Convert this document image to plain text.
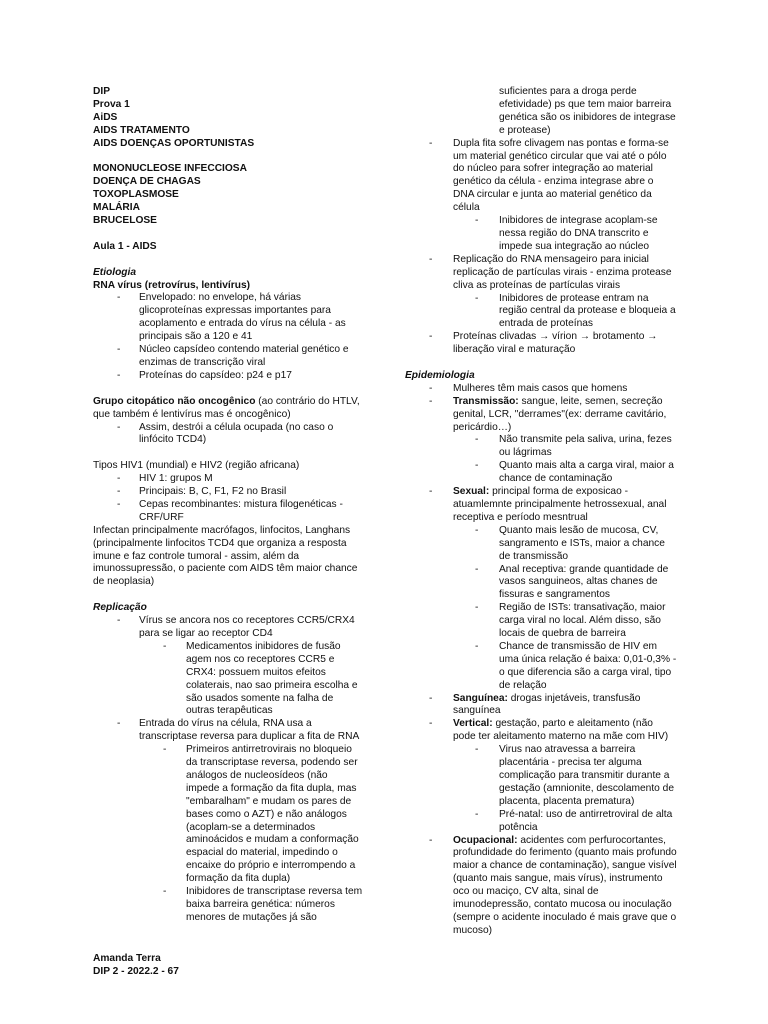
DIP
Prova 1
AiDS
AIDS TRATAMENTO
AIDS DOENÇAS OPORTUNISTAS
MONONUCLEOSE INFECCIOSA
DOENÇA DE CHAGAS
TOXOPLASMOSE
MALÁRIA
BRUCELOSE
Aula 1 - AIDS

Etiologia

RNA vírus (retrovírus, lentivírus)
- Envelopado: no envelope, há várias glicoproteínas expressas importantes para acoplamento e entrada do vírus na célula - as principais são a 120 e 41
- Núcleo capsídeo contendo material genético e enzimas de transcrição viral
- Proteínas do capsídeo: p24 e p17

Grupo citopático não oncogênico (ao contrário do HTLV, que também é lentivírus mas é oncogênico)

- Assim, destrói a célula ocupada (no caso o linfócito TCD4)

Tipos HIV1 (mundial) e HIV2 (região africana)

- HIV 1: grupos M
- Principais: B, C, F1, F2 no Brasil
- Cepas recombinantes: mistura filogenéticas - CRF/URF

Infectan principalmente macrófagos, linfocitos, Langhans (principalmente linfocitos TCD4 que organiza a resposta imune e faz controle tumoral - assim, além da imunossupressão, o paciente com AIDS têm maior chance de neoplasia)

Replicação

- Vírus se ancora nos co receptores CCR5/CRX4 para se ligar ao receptor CD4
- Medicamentos inibidores de fusão agem nos co receptores CCR5 e CRX4: possuem muitos efeitos colaterais, nao sao primeira escolha e são usados somente na falha de outras terapêuticas
- Entrada do vírus na célula, RNA usa a transcriptase reversa para duplicar a fita de RNA
- Primeiros antirretrovirais no bloqueio da transcriptase reversa, podendo ser análogos de nucleosídeos (não impede a formação da fita dupla, mas "embaralham" e mudam os pares de bases como o AZT) e não análogos (acoplam-se a determinados aminoácidos e mudam a conformação espacial do material, impedindo o encaixe do próprio e interrompendo a formação da fita dupla)
- Inibidores de transcriptase reversa tem baixa barreira genética: números menores de mutações já são
suficientes para a droga perde efetividade) ps que tem maior barreira genética são os inibidores de integrase e protease)
- Dupla fita sofre clivagem nas pontas e forma-se um material genético circular que vai até o pólo do núcleo para sofrer integração ao material genético da célula - enzima integrase abre o DNA circular e junta ao material genético da célula
- Inibidores de integrase acoplam-se nessa região do DNA transcrito e impede sua integração ao núcleo
- Replicação do RNA mensageiro para inicial replicação de partículas virais - enzima protease cliva as proteínas de partículas virais
- Inibidores de protease entram na região central da protease e bloqueia a entrada de proteínas
- Proteínas clivadas → vírion → brotamento → liberação viral e maturação

Epidemiologia

- Mulheres têm mais casos que homens
- Transmissão: sangue, leite, semen, secreção genital, LCR, "derrames"(ex: derrame cavitário, pericárdio…)
- Não transmite pela saliva, urina, fezes ou lágrimas
- Quanto mais alta a carga viral, maior a chance de contaminação
- Sexual: principal forma de exposicao - atuamlemnte principalmente hetrossexual, anal receptiva e período mesntrual
- Quanto mais lesão de mucosa, CV, sangramento e ISTs, maior a chance de transmissão
- Anal receptiva: grande quantidade de vasos sanguineos, altas chanes de fissuras e sangramentos
- Região de ISTs: transativação, maior carga viral no local. Além disso, são locais de quebra de barreira
- Chance de transmissão de HIV em uma única relação é baixa: 0,01-0,3% - o que diferencia são a carga viral, tipo de relação
- Sanguínea: drogas injetáveis, transfusão sanguínea
- Vertical: gestação, parto e aleitamento (não pode ter aleitamento materno na mãe com HIV)
- Virus nao atravessa a barreira placentária - precisa ter alguma complicação para transmitir durante a gestação (amnionite, descolamento de placenta, placenta prematura)
- Pré-natal: uso de antirretroviral de alta potência
- Ocupacional: acidentes com perfurocortantes, profundidade do ferimento (quanto mais profundo maior a chance de contaminação), sangue visível (quanto mais sangue, mais vírus), instrumento oco ou maciço, CV alta, sinal de imunodepressão, contato mucosa ou inoculação (sempre o acidente inoculado é mais grave que o mucoso)
Amanda Terra
DIP 2 - 2022.2 - 67
